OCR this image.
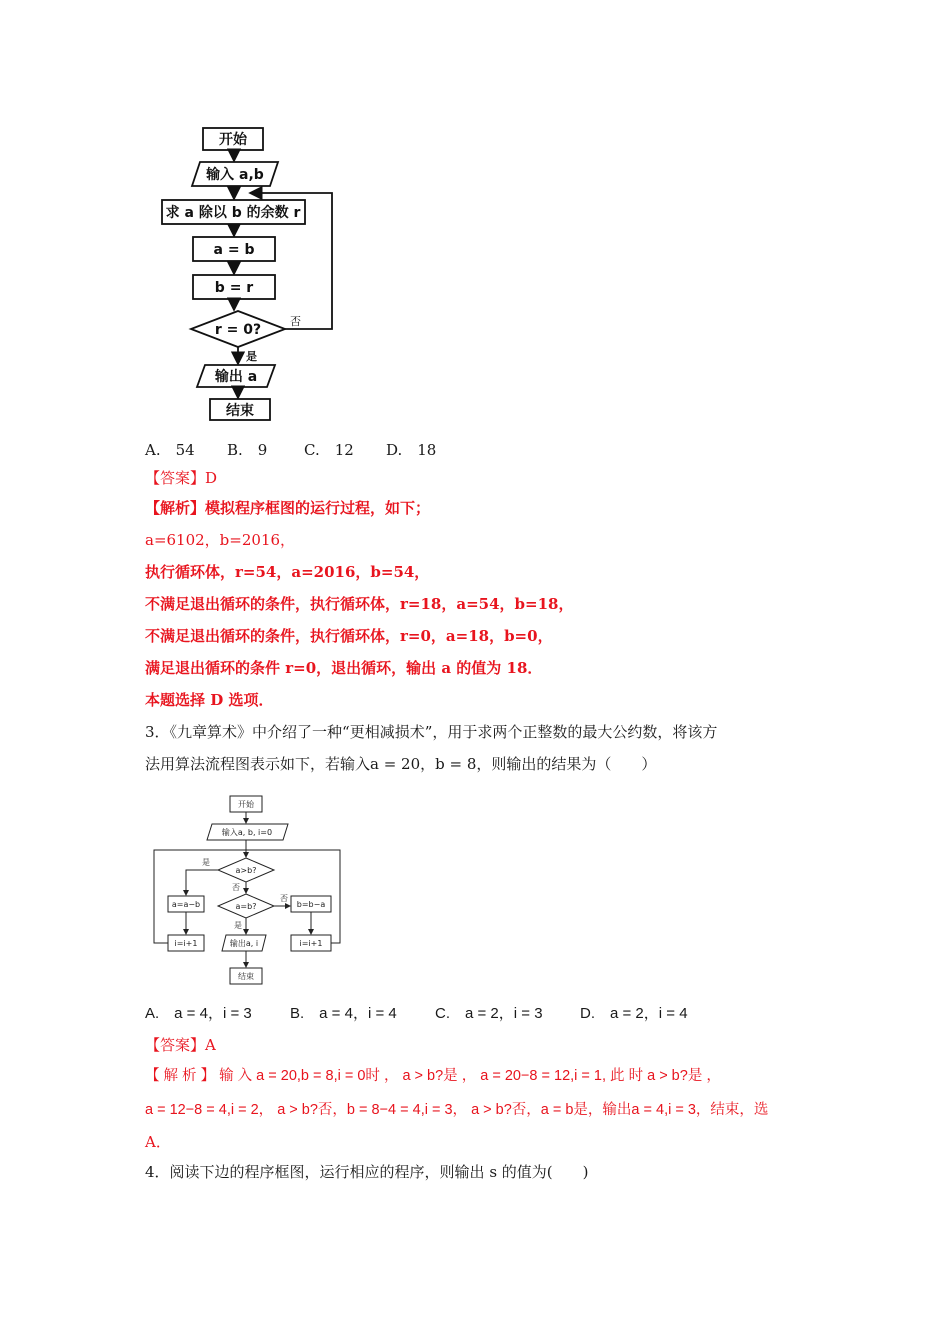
开始
输入 a,b
求 a 除以 b 的余数 r
a = b
b = r
r = 0?
否
是
输出 a
结束
A.　54 B.　9 C.　12 D.　18
【答案】D
【解析】模拟程序框图的运行过程，如下；
a=6102，b=2016，
执行循环体，r=54，a=2016，b=54，
不满足退出循环的条件，执行循环体，r=18，a=54，b=18，
不满足退出循环的条件，执行循环体，r=0，a=18，b=0，
满足退出循环的条件 r=0，退出循环，输出 a 的值为 18．
本题选择 D 选项．
3．《九章算术》中介绍了一种“更相减损术”，用于求两个正整数的最大公约数，将该方
法用算法流程图表示如下，若输入a = 20，b = 8，则输出的结果为（　　）
开始
输入a, b, i=0
a>b?
是
否
a=b?
否
是
a=a−b	b=b−a
i=i+1	i=i+1
输出a, i
结束
A.　a = 4，i = 3	B.　a = 4，i = 4	C.　a = 2，i = 3 D.　a = 2，i = 4
【答案】A
【 解 析 】 输 入 a = 20,b = 8,i = 0时 ， a > b?是 ， a = 20−8 = 12,i = 1, 此 时 a > b?是 ，
a = 12−8 = 4,i = 2， a > b?否，b = 8−4 = 4,i = 3， a > b?否，a = b是，输出a = 4,i = 3，结束，选
A．
4．阅读下边的程序框图，运行相应的程序，则输出 s 的值为(　　)
